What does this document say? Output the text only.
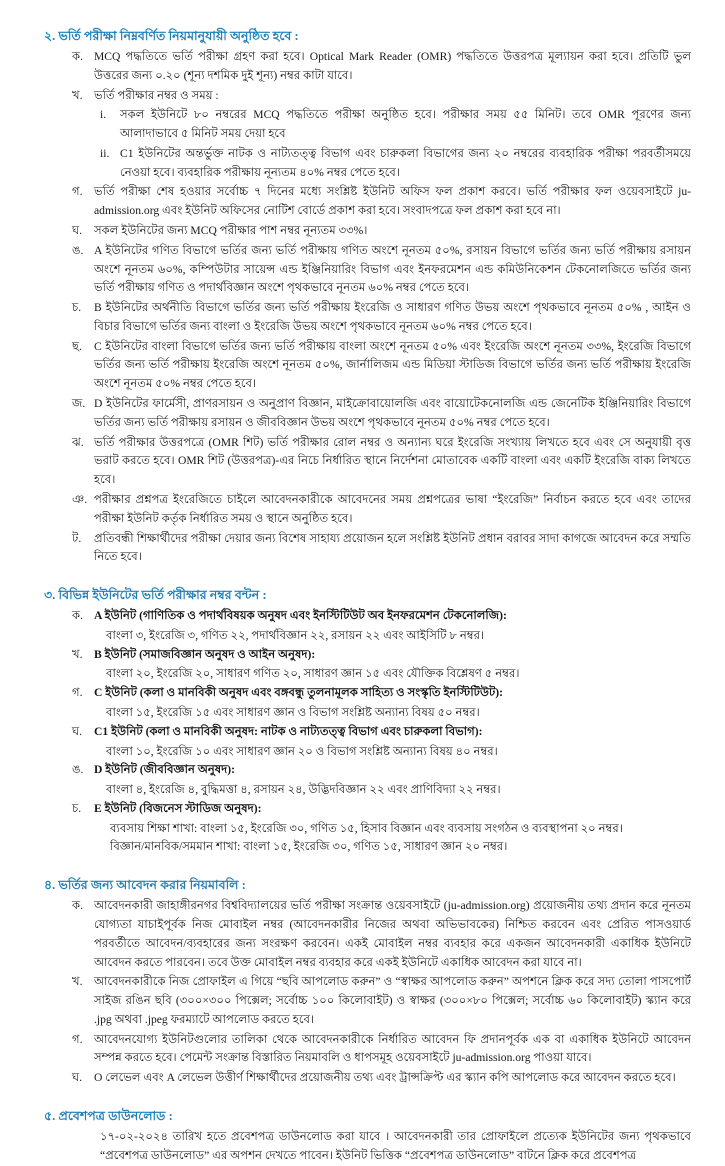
২. ভর্তি পরীক্ষা নিম্নবর্ণিত নিয়মানুযায়ী অনুষ্ঠিত হবে :
ক. MCQ পদ্ধতিতে ভর্তি পরীক্ষা গ্রহণ করা হবে। Optical Mark Reader (OMR) পদ্ধতিতে উত্তরপত্র মূল্যায়ন করা হবে। প্রতিটি ভুল উত্তরের জন্য ০.২০ (শূন্য দশমিক দুই শূন্য) নম্বর কাটা যাবে।
খ. ভর্তি পরীক্ষার নম্বর ও সময় :
i.	সকল ইউনিটে ৮০ নম্বরের MCQ পদ্ধতিতে পরীক্ষা অনুষ্ঠিত হবে। পরীক্ষার সময় ৫৫ মিনিট। তবে OMR পূরণের জন্য আলাদাভাবে ৫ মিনিট সময় দেয়া হবে
ii. C1 ইউনিটের অন্তর্ভুক্ত নাটক ও নাট্যতত্ত্ব বিভাগ এবং চারুকলা বিভাগের জন্য ২০ নম্বরের ব্যবহারিক পরীক্ষা পরবর্তীসময়ে নেওয়া হবে। ব্যবহারিক পরীক্ষায় নূন্যতম ৪০% নম্বর পেতে হবে।
গ. ভর্তি পরীক্ষা শেষ হওয়ার সর্বোচ্চ ৭ দিনের মধ্যে সংশ্লিষ্ট ইউনিট অফিস ফল প্রকাশ করবে। ভর্তি পরীক্ষার ফল ওয়েবসাইটে ju-admission.org এবং ইউনিট অফিসের নোটিশ বোর্ডে প্রকাশ করা হবে। সংবাদপত্রে ফল প্রকাশ করা হবে না।
ঘ.	সকল ইউনিটের জন্য MCQ পরীক্ষার পাশ নম্বর নূন্যতম ৩৩%।
ঙ. A ইউনিটের গণিত বিভাগে ভর্তির জন্য ভর্তি পরীক্ষায় গণিত অংশে নূনতম ৫০%, রসায়ন বিভাগে ভর্তির জন্য ভর্তি পরীক্ষায় রসায়ন অংশে নূনতম ৬০%, কম্পিউটার সায়েন্স এন্ড ইঞ্জিনিয়ারিং বিভাগ এবং ইনফরমেশন এন্ড কমিউনিকেশন টেকনোলজিতে ভর্তির জন্য ভর্তি পরীক্ষায় গণিত ও পদার্থবিজ্ঞান অংশে পৃথকভাবে নূনতম ৬০% নম্বর পেতে হবে।
চ.	B ইউনিটের অর্থনীতি বিভাগে ভর্তির জন্য ভর্তি পরীক্ষায় ইংরেজি ও সাধারণ গণিত উভয় অংশে পৃথকভাবে নূনতম ৫০% , আইন ও বিচার বিভাগে ভর্তির জন্য বাংলা ও ইংরেজি উভয় অংশে পৃথকভাবে নূনতম ৬০% নম্বর পেতে হবে।
ছ.	C ইউনিটের বাংলা বিভাগে ভর্তির জন্য ভর্তি পরীক্ষায় বাংলা অংশে নূনতম ৫০% এবং ইংরেজি অংশে নূনতম ৩৩%, ইংরেজি বিভাগে ভর্তির জন্য ভর্তি পরীক্ষায় ইংরেজি অংশে নূনতম ৫০%, জার্নালিজম এন্ড মিডিয়া স্টাডিজ বিভাগে ভর্তির জন্য ভর্তি পরীক্ষায় ইংরেজি অংশে নূনতম ৫০% নম্বর পেতে হবে।
জ. D ইউনিটের ফার্মেসী, প্রাণরসায়ন ও অনুপ্রাণ বিজ্ঞান, মাইক্রোবায়োলজি এবং বায়োটেকনোলজি এন্ড জেনেটিক ইঞ্জিনিয়ারিং বিভাগে ভর্তির জন্য ভর্তি পরীক্ষায় রসায়ন ও জীববিজ্ঞান উভয় অংশে পৃথকভাবে নূনতম ৫০% নম্বর পেতে হবে।
ঝ. ভর্তি পরীক্ষার উত্তরপত্রে (OMR শিট) ভর্তি পরীক্ষার রোল নম্বর ও অন্যান্য ঘরে ইংরেজি সংখ্যায় লিখতে হবে এবং সে অনুযায়ী বৃত্ত ভরাট করতে হবে। OMR শিট (উত্তরপত্র)-এর নিচে নির্ধারিত স্থানে নির্দেশনা মোতাবেক একটি বাংলা এবং একটি ইংরেজি বাক্য লিখতে হবে।
ঞ. পরীক্ষার প্রশ্নপত্র ইংরেজিতে চাইলে আবেদনকারীকে আবেদনের সময় প্রশ্নপত্রের ভাষা “ইংরেজি” নির্বাচন করতে হবে এবং তাদের পরীক্ষা ইউনিট কর্তৃক নির্ধারিত সময় ও স্থানে অনুষ্ঠিত হবে।
ট.	প্রতিবন্ধী শিক্ষার্থীদের পরীক্ষা দেয়ার জন্য বিশেষ সাহায্য প্রয়োজন হলে সংশ্লিষ্ট ইউনিট প্রধান বরাবর সাদা কাগজে আবেদন করে সম্মতি নিতে হবে।
৩. বিভিন্ন ইউনিটের ভর্তি পরীক্ষার নম্বর বন্টন :
ক. A ইউনিট (গাণিতিক ও পদার্থবিষয়ক অনুষদ এবং ইনস্টিটিউট অব ইনফরমেশন টেকনোলজি):
বাংলা ৩, ইংরেজি ৩, গণিত ২২, পদার্থবিজ্ঞান ২২, রসায়ন ২২ এবং আইসিটি ৮ নম্বর।
খ. B ইউনিট (সমাজবিজ্ঞান অনুষদ ও আইন অনুষদ):
বাংলা ২০, ইংরেজি ২০, সাধারণ গণিত ২০, সাধারণ জ্ঞান ১৫ এবং যৌক্তিক বিশ্লেষণ ৫ নম্বর।
গ. C ইউনিট (কলা ও মানবিকী অনুষদ এবং বঙ্গবন্ধু তুলনামূলক সাহিত্য ও সংস্কৃতি ইনস্টিটিউট):
বাংলা ১৫, ইংরেজি ১৫ এবং সাধারণ জ্ঞান ও বিভাগ সংশ্লিষ্ট অন্যান্য বিষয় ৫০ নম্বর।
ঘ.	C1 ইউনিট (কলা ও মানবিকী অনুষদ: নাটক ও নাট্যতত্ত্ব বিভাগ এবং চারুকলা বিভাগ):
বাংলা ১০, ইংরেজি ১০ এবং সাধারণ জ্ঞান ২০ ও বিভাগ সংশ্লিষ্ট অন্যান্য বিষয় ৪০ নম্বর।
ঙ. D ইউনিট (জীববিজ্ঞান অনুষদ):
বাংলা ৪, ইংরেজি ৪, বুদ্ধিমত্তা ৪, রসায়ন ২৪, উদ্ভিদবিজ্ঞান ২২ এবং প্রাণিবিদ্যা ২২ নম্বর।
চ.	E ইউনিট (বিজনেস স্টাডিজ অনুষদ):
ব্যবসায় শিক্ষা শাখা: বাংলা ১৫, ইংরেজি ৩০, গণিত ১৫, হিসাব বিজ্ঞান এবং ব্যবসায় সংগঠন ও ব্যবস্থাপনা ২০ নম্বর।
বিজ্ঞান/মানবিক/সমমান শাখা: বাংলা ১৫, ইংরেজি ৩০, গণিত ১৫, সাধারণ জ্ঞান ২০ নম্বর।
৪. ভর্তির জন্য আবেদন করার নিয়মাবলি :
ক. আবেদনকারী জাহাঙ্গীরনগর বিশ্ববিদ্যালয়ের ভর্তি পরীক্ষা সংক্রান্ত ওয়েবসাইটে (ju-admission.org) প্রয়োজনীয় তথ্য প্রদান করে নূনতম যোগ্যতা যাচাইপূর্বক নিজ মোবাইল নম্বর (আবেদনকারীর নিজের অথবা অভিভাবকের) নিশ্চিত করবেন এবং প্রেরিত পাসওয়ার্ড পরবর্তীতে আবেদন/ব্যবহারের জন্য সংরক্ষণ করবেন। একই মোবাইল নম্বর ব্যবহার করে একজন আবেদনকারী একাধিক ইউনিটে আবেদন করতে পারবেন। তবে উক্ত মোবাইল নম্বর ব্যবহার করে একই ইউনিটে একাধিক আবেদন করা যাবে না।
খ. আবেদনকারীকে নিজ প্রোফাইল এ গিয়ে “ছবি আপলোড করুন” ও “স্বাক্ষর আপলোড করুন” অপশনে ক্লিক করে সদ্য তোলা পাসপোর্ট সাইজ রঙিন ছবি (৩০০×৩০০ পিক্সেল; সর্বোচ্চ ১০০ কিলোবাইট) ও স্বাক্ষর (৩০০×৮০ পিক্সেল; সর্বোচ্চ ৬০ কিলোবাইট) স্ক্যান করে .jpg অথবা .jpeg ফরম্যাটে আপলোড করতে হবে।
গ. আবেদনযোগ্য ইউনিটগুলোর তালিকা থেকে আবেদনকারীকে নির্ধারিত আবেদন ফি প্রদানপূর্বক এক বা একাধিক ইউনিটে আবেদন সম্পন্ন করতে হবে। পেমেন্ট সংক্রান্ত বিস্তারিত নিয়মাবলি ও ধাপসমূহ ওয়েবসাইটে ju-admission.org পাওয়া যাবে।
ঘ.	O লেভেল এবং A লেভেল উত্তীর্ণ শিক্ষার্থীদের প্রয়োজনীয় তথ্য এবং ট্রান্সক্রিপ্ট এর স্ক্যান কপি আপলোড করে আবেদন করতে হবে।
৫. প্রবেশপত্র ডাউনলোড :
১৭-০২-২০২৪ তারিখ হতে প্রবেশপত্র ডাউনলোড করা যাবে । আবেদনকারী তার প্রোফাইলে প্রত্যেক ইউনিটের জন্য পৃথকভাবে “প্রবেশপত্র ডাউনলোড” এর অপশন দেখতে পাবেন। ইউনিট ভিত্তিক “প্রবেশপত্র ডাউনলোড” বাটনে ক্লিক করে প্রবেশপত্র
